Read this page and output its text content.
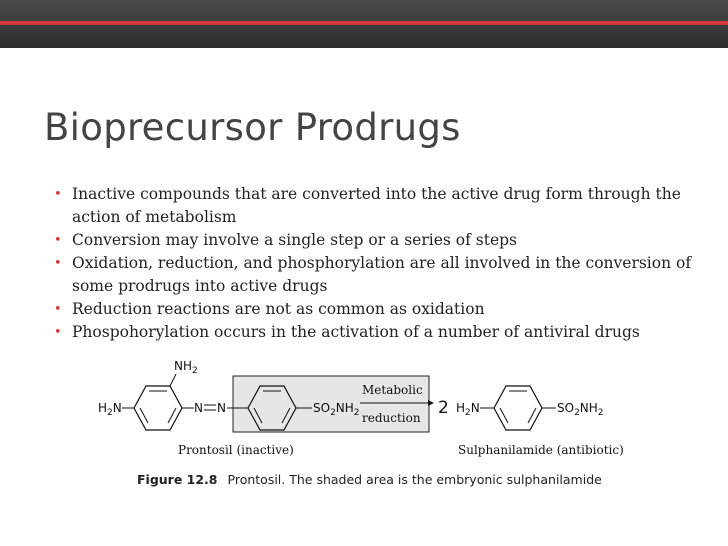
Bioprecursor Prodrugs
• Inactive compounds that are converted into the active drug form through the action of metabolism
• Conversion may involve a single step or a series of steps
• Oxidation, reduction, and phosphorylation are all involved in the conversion of some prodrugs into active drugs
• Reduction reactions are not as common as oxidation
• Phospohorylation occurs in the activation of a number of antiviral drugs
$H_2N$
$NH_2$
N N	$SO_2NH_2$
Metabolic
reduction 2 $H_2N$	$SO_2NH_2$
Prontosil (inactive)	Sulphanilamide (antibiotic)
Figure 12.8 Prontosil. The shaded area is the embryonic sulphanilamide
